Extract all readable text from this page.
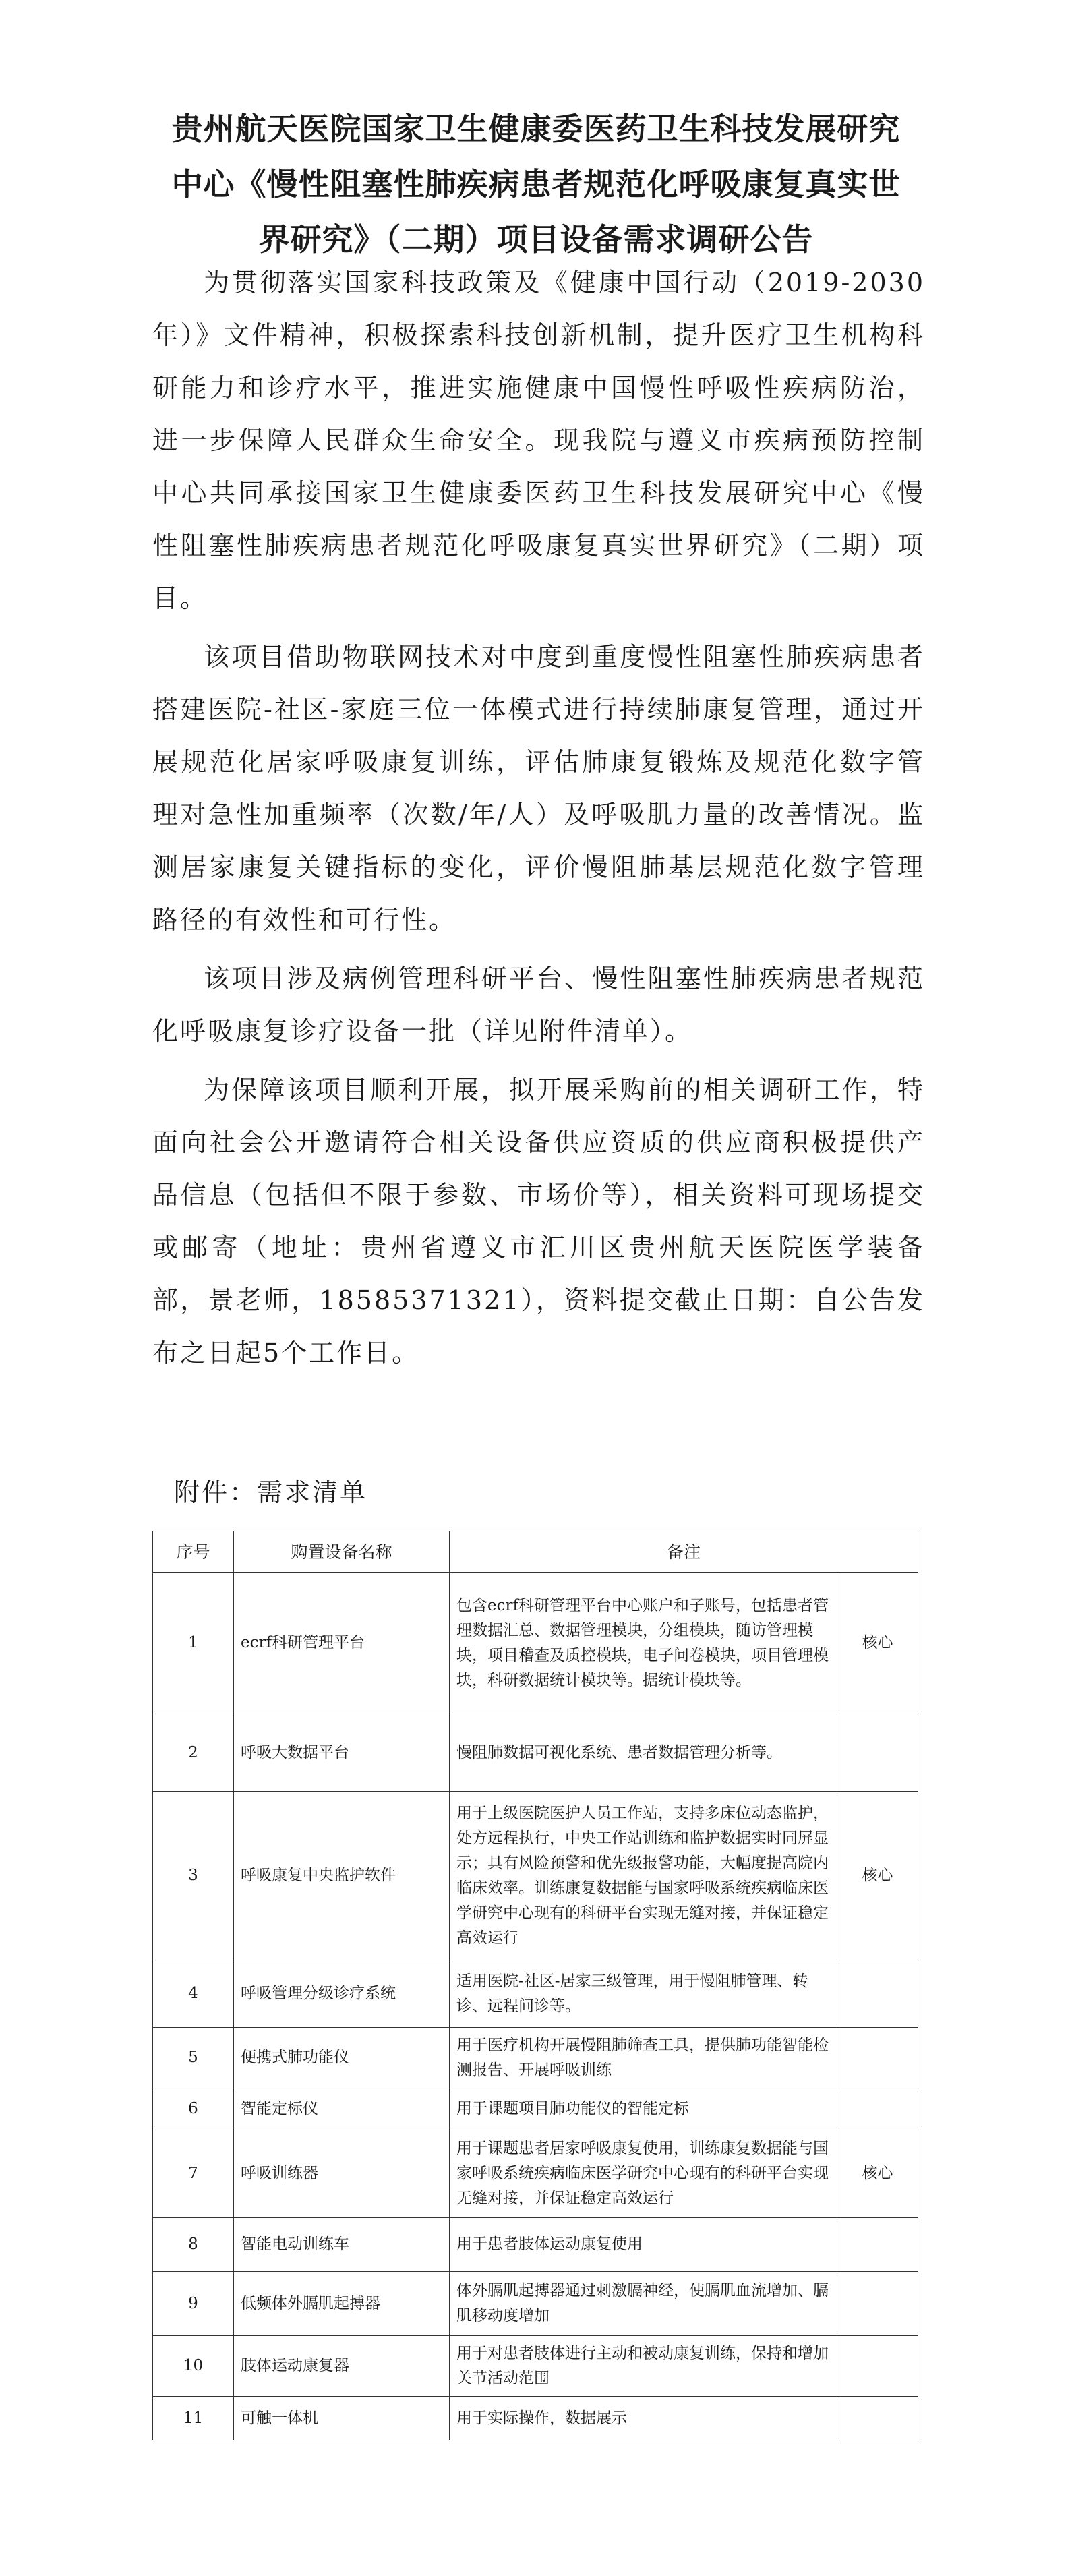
贵州航天医院国家卫生健康委医药卫生科技发展研究中心《慢性阻塞性肺疾病患者规范化呼吸康复真实世界研究》（二期）项目设备需求调研公告

为贯彻落实国家科技政策及《健康中国行动（2019-2030年）》文件精神，积极探索科技创新机制，提升医疗卫生机构科研能力和诊疗水平，推进实施健康中国慢性呼吸性疾病防治，进一步保障人民群众生命安全。现我院与遵义市疾病预防控制中心共同承接国家卫生健康委医药卫生科技发展研究中心《慢性阻塞性肺疾病患者规范化呼吸康复真实世界研究》（二期）项目。

该项目借助物联网技术对中度到重度慢性阻塞性肺疾病患者搭建医院-社区-家庭三位一体模式进行持续肺康复管理，通过开展规范化居家呼吸康复训练，评估肺康复锻炼及规范化数字管理对急性加重频率（次数/年/人）及呼吸肌力量的改善情况。监测居家康复关键指标的变化，评价慢阻肺基层规范化数字管理路径的有效性和可行性。

该项目涉及病例管理科研平台、慢性阻塞性肺疾病患者规范化呼吸康复诊疗设备一批（详见附件清单）。

为保障该项目顺利开展，拟开展采购前的相关调研工作，特面向社会公开邀请符合相关设备供应资质的供应商积极提供产品信息（包括但不限于参数、市场价等），相关资料可现场提交或邮寄（地址：贵州省遵义市汇川区贵州航天医院医学装备部，景老师，18585371321），资料提交截止日期：自公告发布之日起5个工作日。

附件：需求清单

序号	购置设备名称	备注	
1	ecrf科研管理平台	包含ecrf科研管理平台中心账户和子账号，包括患者管理数据汇总、数据管理模块，分组模块，随访管理模块，项目稽查及质控模块，电子问卷模块，项目管理模块，科研数据统计模块等。据统计模块等。	核心
2	呼吸大数据平台	慢阻肺数据可视化系统、患者数据管理分析等。	
3	呼吸康复中央监护软件	用于上级医院医护人员工作站，支持多床位动态监护，处方远程执行，中央工作站训练和监护数据实时同屏显示；具有风险预警和优先级报警功能，大幅度提高院内临床效率。训练康复数据能与国家呼吸系统疾病临床医学研究中心现有的科研平台实现无缝对接，并保证稳定高效运行	核心
4	呼吸管理分级诊疗系统	适用医院-社区-居家三级管理，用于慢阻肺管理、转诊、远程问诊等。	
5	便携式肺功能仪	用于医疗机构开展慢阻肺筛查工具，提供肺功能智能检测报告、开展呼吸训练	
6	智能定标仪	用于课题项目肺功能仪的智能定标	
7	呼吸训练器	用于课题患者居家呼吸康复使用，训练康复数据能与国家呼吸系统疾病临床医学研究中心现有的科研平台实现无缝对接，并保证稳定高效运行	核心
8	智能电动训练车	用于患者肢体运动康复使用	
9	低频体外膈肌起搏器	体外膈肌起搏器通过刺激膈神经，使膈肌血流增加、膈肌移动度增加	
10	肢体运动康复器	用于对患者肢体进行主动和被动康复训练，保持和增加关节活动范围	
11	可触一体机	用于实际操作，数据展示	
